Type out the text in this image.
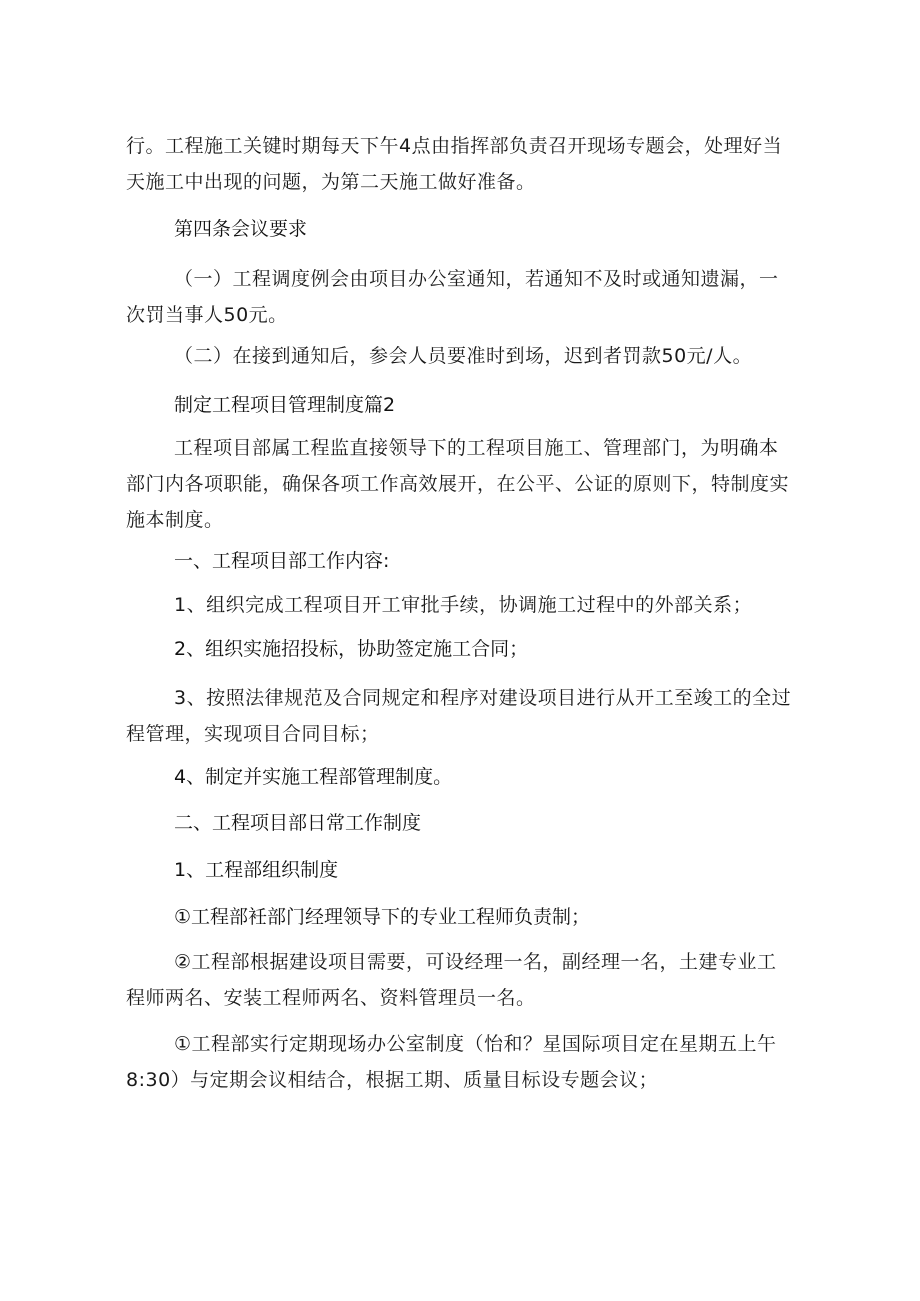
行。工程施工关键时期每天下午4点由指挥部负责召开现场专题会，处理好当
天施工中出现的问题，为第二天施工做好准备。

第四条会议要求

（一）工程调度例会由项目办公室通知，若通知不及时或通知遗漏，一
次罚当事人50元。

（二）在接到通知后，参会人员要准时到场，迟到者罚款50元/人。

制定工程项目管理制度篇2

工程项目部属工程监直接领导下的工程项目施工、管理部门，为明确本
部门内各项职能，确保各项工作高效展开，在公平、公证的原则下，特制度实
施本制度。

一、工程项目部工作内容:

1、组织完成工程项目开工审批手续，协调施工过程中的外部关系；

2、组织实施招投标，协助签定施工合同；

3、按照法律规范及合同规定和程序对建设项目进行从开工至竣工的全过
程管理，实现项目合同目标；

4、制定并实施工程部管理制度。

二、工程项目部日常工作制度

1、工程部组织制度

①工程部衽部门经理领导下的专业工程师负责制；

②工程部根据建设项目需要，可设经理一名，副经理一名，土建专业工
程师两名、安装工程师两名、资料管理员一名。

①工程部实行定期现场办公室制度（怡和？星国际项目定在星期五上午
8:30）与定期会议相结合，根据工期、质量目标设专题会议；
